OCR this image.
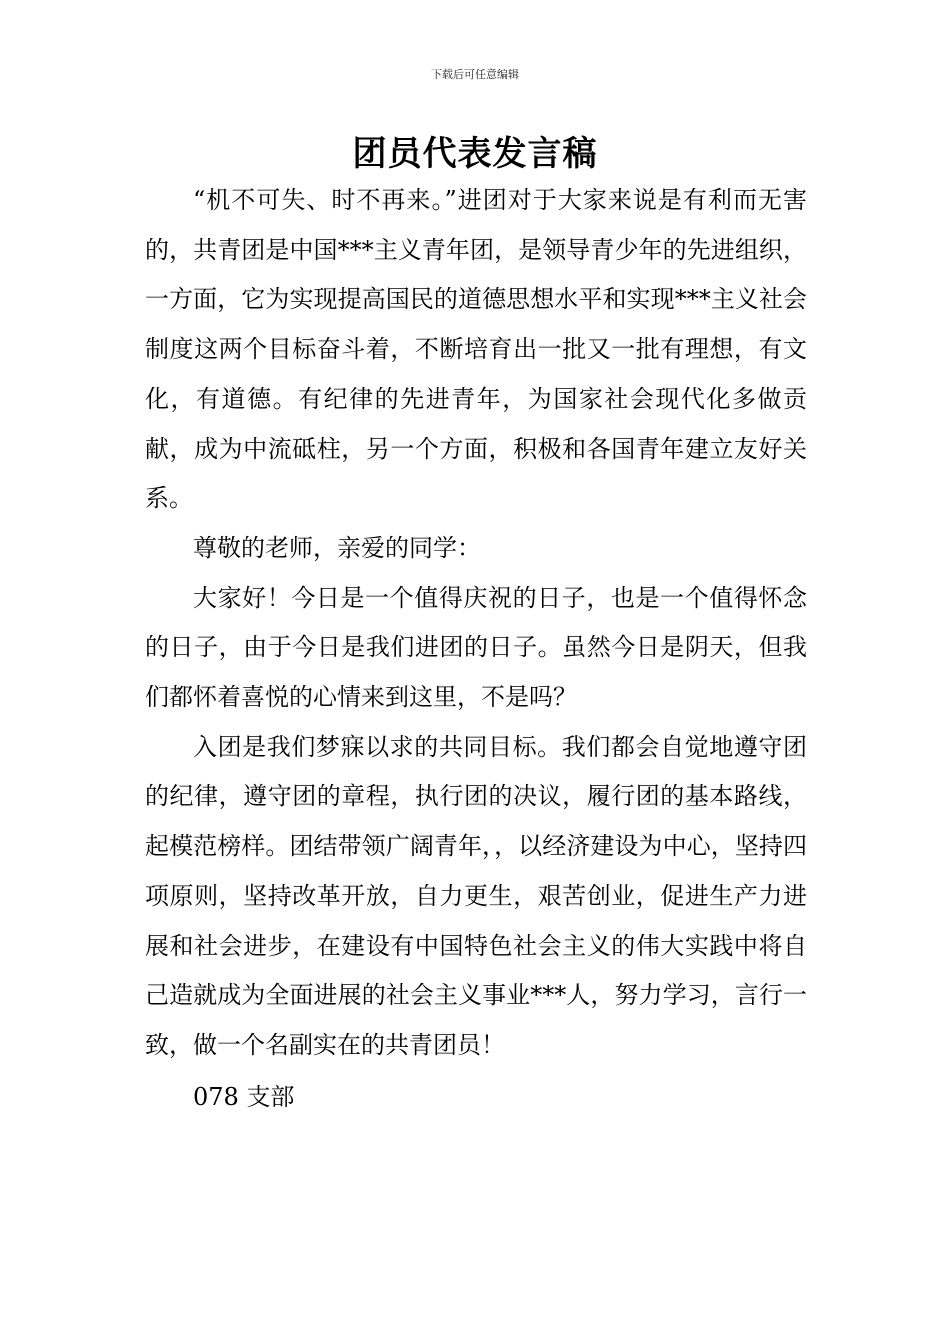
下载后可任意编辑
团员代表发言稿

“机不可失、时不再来。”进团对于大家来说是有利而无害的，共青团是中国***主义青年团，是领导青少年的先进组织，一方面，它为实现提高国民的道德思想水平和实现***主义社会制度这两个目标奋斗着，不断培育出一批又一批有理想，有文化，有道德。有纪律的先进青年，为国家社会现代化多做贡献，成为中流砥柱，另一个方面，积极和各国青年建立友好关系。

尊敬的老师，亲爱的同学：

大家好！今日是一个值得庆祝的日子，也是一个值得怀念的日子，由于今日是我们进团的日子。虽然今日是阴天，但我们都怀着喜悦的心情来到这里，不是吗？

入团是我们梦寐以求的共同目标。我们都会自觉地遵守团的纪律，遵守团的章程，执行团的决议，履行团的基本路线，起模范榜样。团结带领广阔青年，，以经济建设为中心，坚持四项原则，坚持改革开放，自力更生，艰苦创业，促进生产力进展和社会进步，在建设有中国特色社会主义的伟大实践中将自己造就成为全面进展的社会主义事业***人，努力学习，言行一致，做一个名副实在的共青团员！

078 支部
